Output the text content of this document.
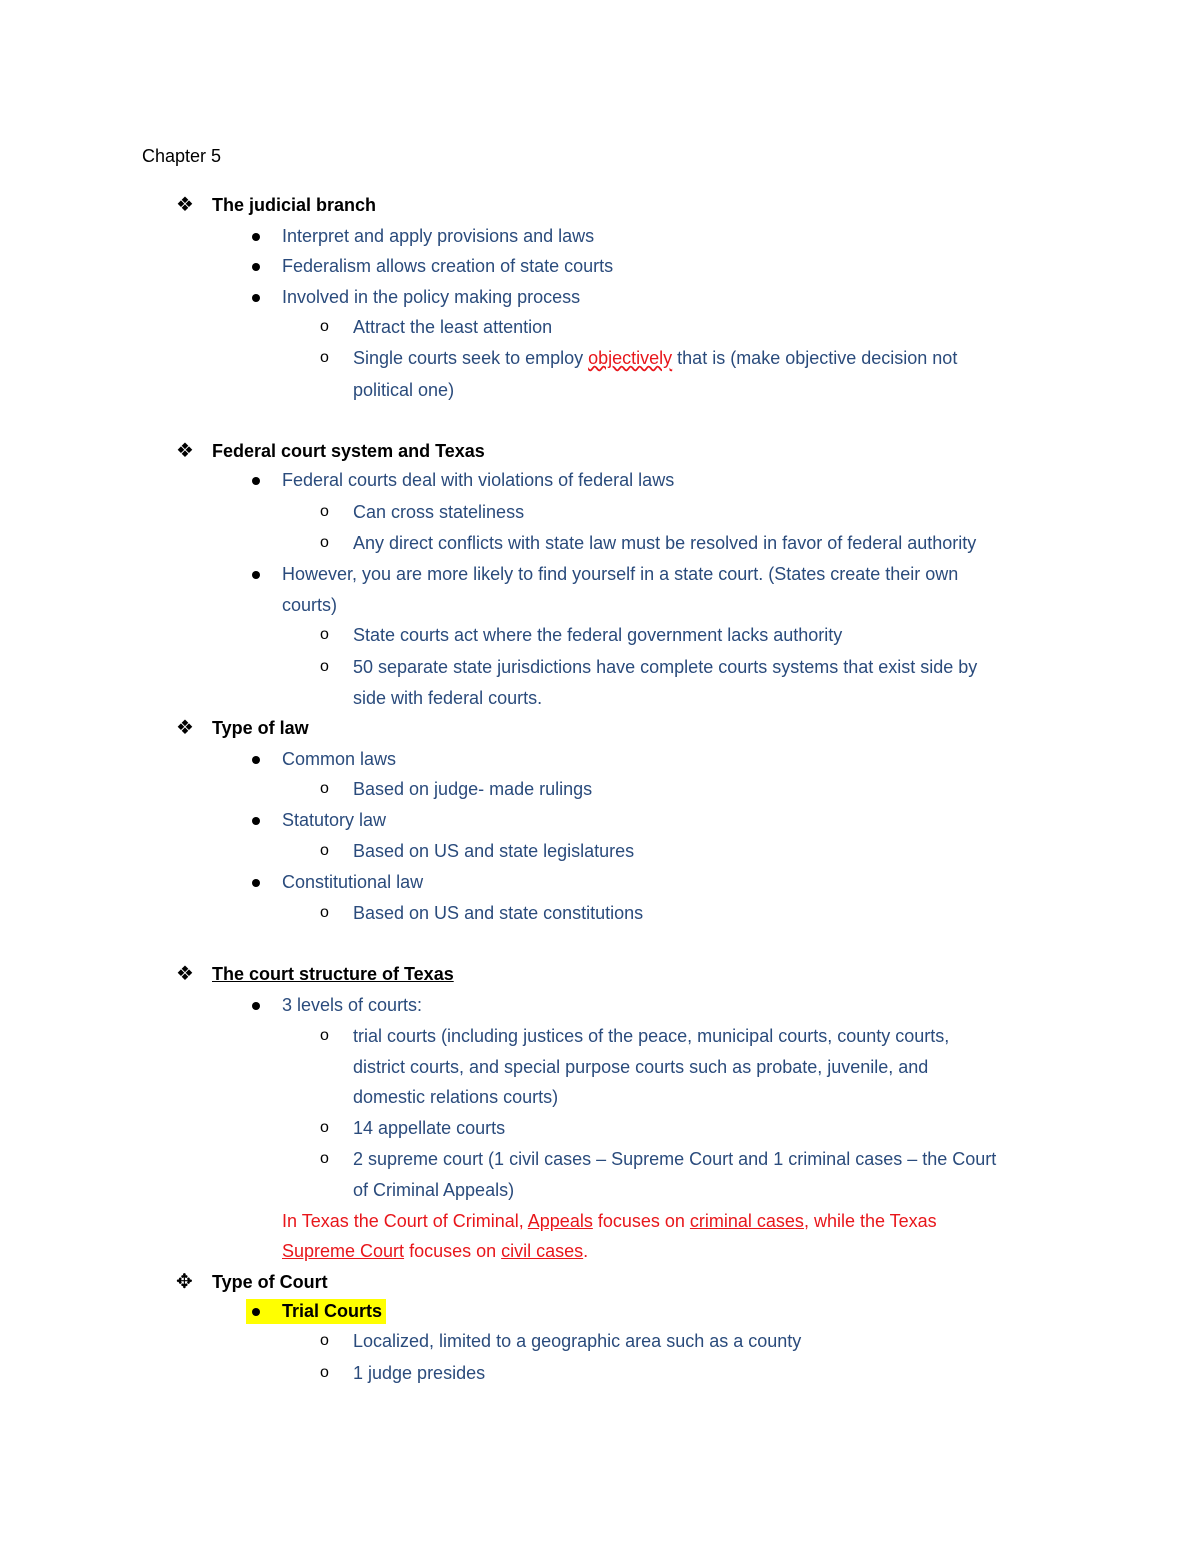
Chapter 5
❖ The judicial branch
Interpret and apply provisions and laws
Federalism allows creation of state courts
Involved in the policy making process
o Attract the least attention
o Single courts seek to employ objectively that is (make objective decision not
political one)
❖ Federal court system and Texas
Federal courts deal with violations of federal laws
o Can cross stateliness
o Any direct conflicts with state law must be resolved in favor of federal authority
However, you are more likely to find yourself in a state court. (States create their own
courts)
o State courts act where the federal government lacks authority
o 50 separate state jurisdictions have complete courts systems that exist side by
side with federal courts.
❖ Type of law
Common laws
o Based on judge- made rulings
Statutory law
o Based on US and state legislatures
Constitutional law
o Based on US and state constitutions
❖ The court structure of Texas
3 levels of courts:
o trial courts (including justices of the peace, municipal courts, county courts,
district courts, and special purpose courts such as probate, juvenile, and
domestic relations courts)
o 14 appellate courts
o 2 supreme court (1 civil cases – Supreme Court and 1 criminal cases – the Court
of Criminal Appeals)
In Texas the Court of Criminal, Appeals focuses on criminal cases, while the Texas
Supreme Court focuses on civil cases.
✥ Type of Court
Trial Courts
o Localized, limited to a geographic area such as a county
o 1 judge presides
